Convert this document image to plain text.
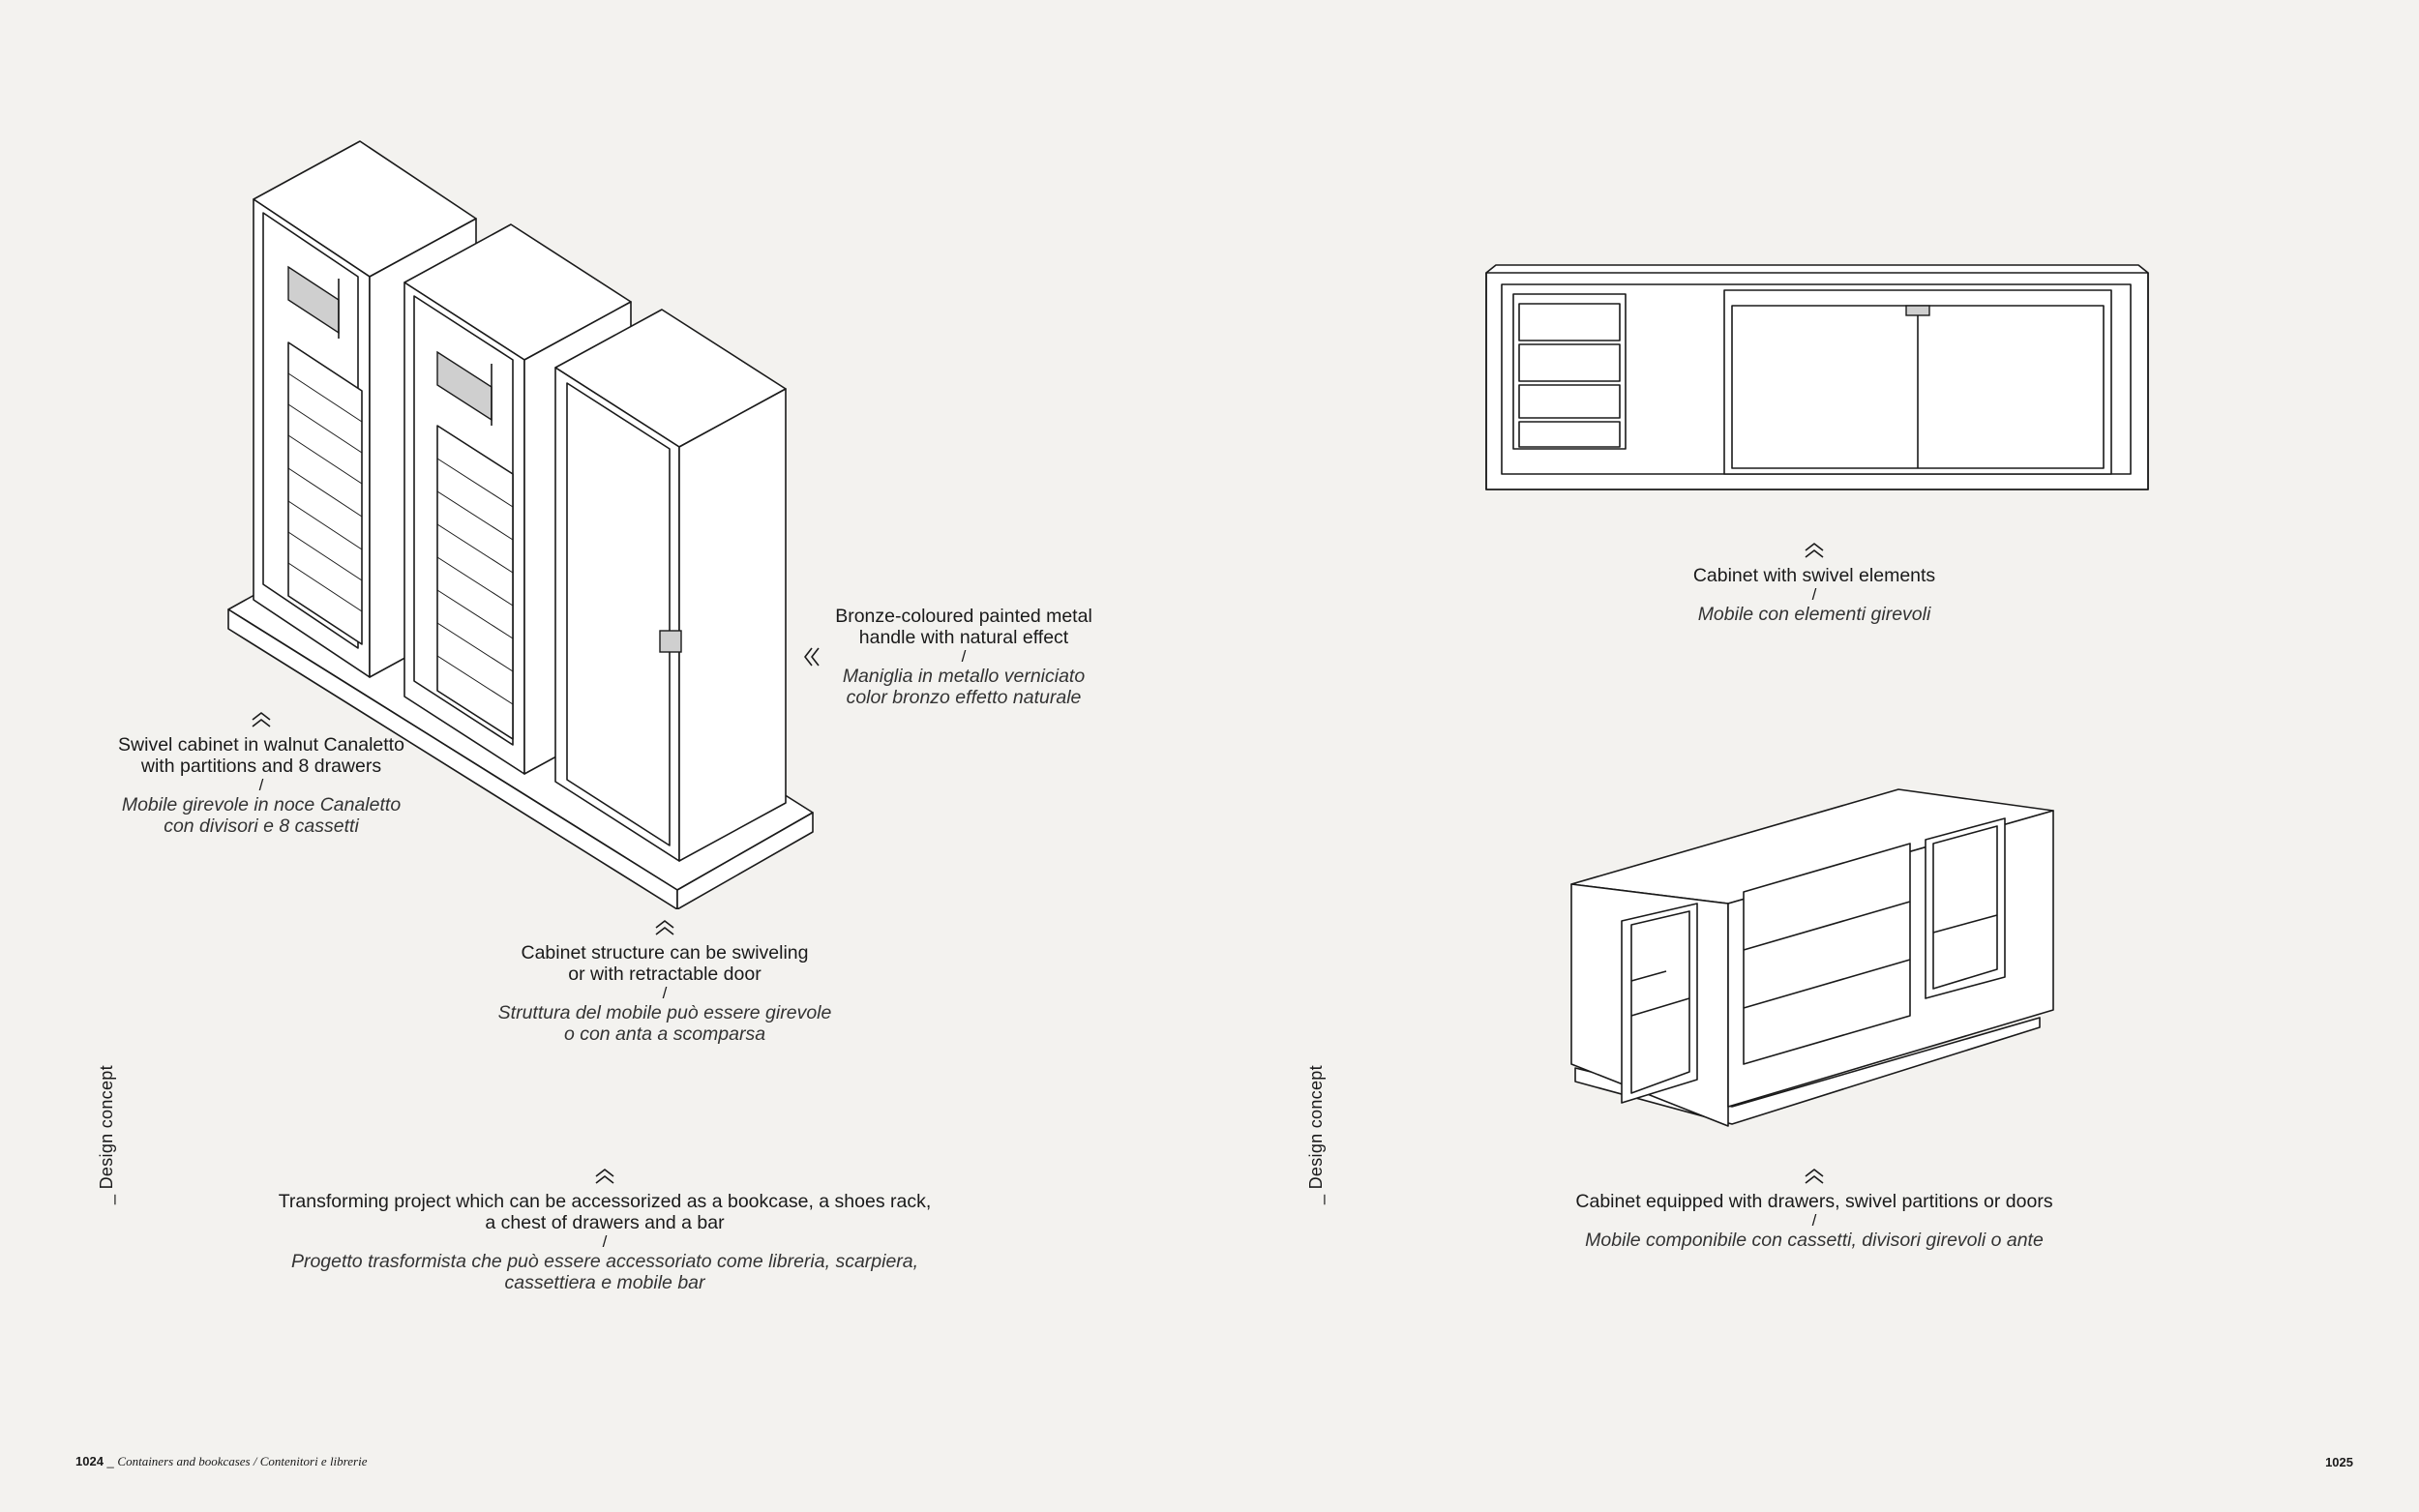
Swivel cabinet in walnut Canaletto
with partitions and 8 drawers
/
Mobile girevole in noce Canaletto
con divisori e 8 cassetti
Bronze-coloured painted metal
handle with natural effect
/
Maniglia in metallo verniciato
color bronzo effetto naturale
Cabinet structure can be swiveling
or with retractable door
/
Struttura del mobile può essere girevole
o con anta a scomparsa
Transforming project which can be accessorized as a bookcase, a shoes rack,
a chest of drawers and a bar
/
Progetto trasformista che può essere accessoriato come libreria, scarpiera,
cassettiera e mobile bar
_ Design concept
1024 _ Containers and bookcases / Contenitori e librerie
Cabinet with swivel elements
/
Mobile con elementi girevoli
Cabinet equipped with drawers, swivel partitions or doors
/
Mobile componibile con cassetti, divisori girevoli o ante
_ Design concept
1025
